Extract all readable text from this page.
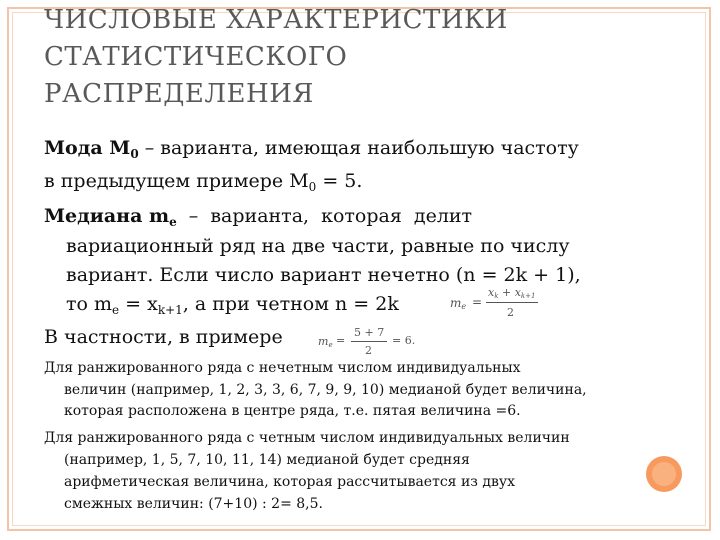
ЧИСЛОВЫЕ ХАРАКТЕРИСТИКИ
СТАТИСТИЧЕСКОГО
РАСПРЕДЕЛЕНИЯ
Мода $M_0$ – варианта, имеющая наибольшую частоту
в предыдущем примере $М_0 = 5$.
Медиана $m_e$ – варианта, которая делит
вариационный ряд на две части, равные по числу
вариант. Если число вариант нечетно (n = 2k + 1),
то $m_e = x_{k+1}$, а при четном n = 2k	$m_e$ =
$x_k + x_{k+1}$
2
В частности, в примере	$m_e$ =
5 + 7
2
= 6.
Для ранжированного ряда с нечетным числом индивидуальных
величин (например, 1, 2, 3, 3, 6, 7, 9, 9, 10) медианой будет величина,
которая расположена в центре ряда, т.е. пятая величина =6.
Для ранжированного ряда с четным числом индивидуальных величин
(например, 1, 5, 7, 10, 11, 14) медианой будет средняя
арифметическая величина, которая рассчитывается из двух
смежных величин: (7+10) : 2= 8,5.
